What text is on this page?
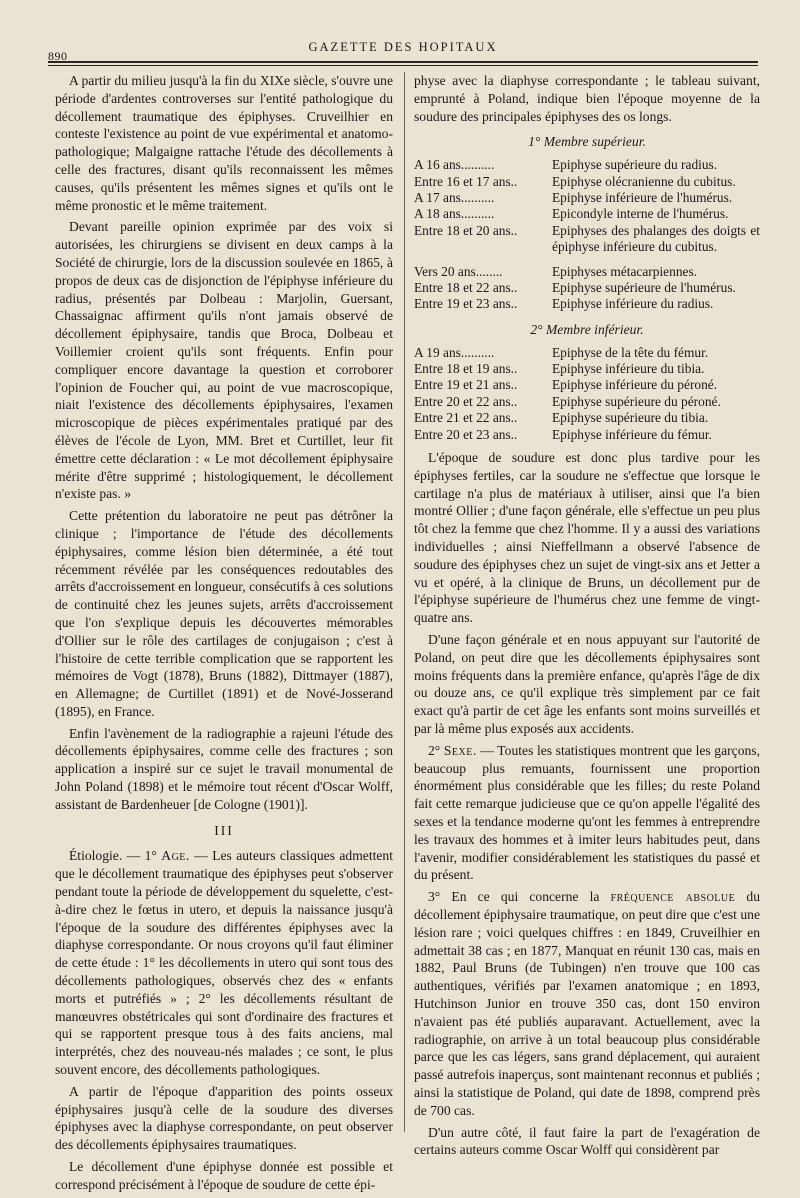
890
GAZETTE DES HOPITAUX

A partir du milieu jusqu'à la fin du XIXe siècle, s'ouvre une période d'ardentes controverses sur l'entité pathologique du décollement traumatique des épiphyses. Cruveilhier en conteste l'existence au point de vue expérimental et anatomo-pathologique; Malgaigne rattache l'étude des décollements à celle des fractures, disant qu'ils reconnaissent les mêmes causes, qu'ils présentent les mêmes signes et qu'ils ont le même pronostic et le même traitement.

Devant pareille opinion exprimée par des voix si autorisées, les chirurgiens se divisent en deux camps à la Société de chirurgie, lors de la discussion soulevée en 1865, à propos de deux cas de disjonction de l'épiphyse inférieure du radius, présentés par Dolbeau : Marjolin, Guersant, Chassaignac affirment qu'ils n'ont jamais observé de décollement épiphysaire, tandis que Broca, Dolbeau et Voillemier croient qu'ils sont fréquents. Enfin pour compliquer encore davantage la question et corroborer l'opinion de Foucher qui, au point de vue macroscopique, niait l'existence des décollements épiphysaires, l'examen microscopique de pièces expérimentales pratiqué par des élèves de l'école de Lyon, MM. Bret et Curtillet, leur fit émettre cette déclaration : « Le mot décollement épiphysaire mérite d'être supprimé ; histologiquement, le décollement n'existe pas. »

Cette prétention du laboratoire ne peut pas détrôner la clinique ; l'importance de l'étude des décollements épiphysaires, comme lésion bien déterminée, a été tout récemment révélée par les conséquences redoutables des arrêts d'accroissement en longueur, consécutifs à ces solutions de continuité chez les jeunes sujets, arrêts d'accroissement que l'on s'explique depuis les découvertes mémorables d'Ollier sur le rôle des cartilages de conjugaison ; c'est à l'histoire de cette terrible complication que se rapportent les mémoires de Vogt (1878), Bruns (1882), Dittmayer (1887), en Allemagne; de Curtillet (1891) et de Nové-Josserand (1895), en France.

Enfin l'avènement de la radiographie a rajeuni l'étude des décollements épiphysaires, comme celle des fractures ; son application a inspiré sur ce sujet le travail monumental de John Poland (1898) et le mémoire tout récent d'Oscar Wolff, assistant de Bardenheuer [de Cologne (1901)].

III

Étiologie. — 1° Age. — Les auteurs classiques admettent que le décollement traumatique des épiphyses peut s'observer pendant toute la période de développement du squelette, c'est-à-dire chez le fœtus in utero, et depuis la naissance jusqu'à l'époque de la soudure des différentes épiphyses avec la diaphyse correspondante. Or nous croyons qu'il faut éliminer de cette étude : 1° les décollements in utero qui sont tous des décollements pathologiques, observés chez des « enfants morts et putréfiés » ; 2° les décollements résultant de manœuvres obstétricales qui sont d'ordinaire des fractures et qui se rapportent presque tous à des faits anciens, mal interprétés, chez des nouveau-nés malades ; ce sont, le plus souvent encore, des décollements pathologiques.

A partir de l'époque d'apparition des points osseux épiphysaires jusqu'à celle de la soudure des diverses épiphyses avec la diaphyse correspondante, on peut observer des décollements épiphysaires traumatiques.

Le décollement d'une épiphyse donnée est possible et correspond précisément à l'époque de soudure de cette épi-

physe avec la diaphyse correspondante ; le tableau suivant, emprunté à Poland, indique bien l'époque moyenne de la soudure des principales épiphyses des os longs.

1° Membre supérieur.
A 16 ans..........	Epiphyse supérieure du radius.
Entre 16 et 17 ans..	Epiphyse olécranienne du cubitus.
A 17 ans..........	Epiphyse inférieure de l'humérus.
A 18 ans..........	Epicondyle interne de l'humérus.
Entre 18 et 20 ans..	Epiphyses des phalanges des doigts et épiphyse inférieure du cubitus.
Vers 20 ans........	Epiphyses métacarpiennes.
Entre 18 et 22 ans..	Epiphyse supérieure de l'humérus.
Entre 19 et 23 ans..	Epiphyse inférieure du radius.
2° Membre inférieur.
A 19 ans..........	Epiphyse de la tête du fémur.
Entre 18 et 19 ans..	Epiphyse inférieure du tibia.
Entre 19 et 21 ans..	Epiphyse inférieure du péroné.
Entre 20 et 22 ans..	Epiphyse supérieure du péroné.
Entre 21 et 22 ans..	Epiphyse supérieure du tibia.
Entre 20 et 23 ans..	Epiphyse inférieure du fémur.

L'époque de soudure est donc plus tardive pour les épiphyses fertiles, car la soudure ne s'effectue que lorsque le cartilage n'a plus de matériaux à utiliser, ainsi que l'a bien montré Ollier ; d'une façon générale, elle s'effectue un peu plus tôt chez la femme que chez l'homme. Il y a aussi des variations individuelles ; ainsi Nieffellmann a observé l'absence de soudure des épiphyses chez un sujet de vingt-six ans et Jetter a vu et opéré, à la clinique de Bruns, un décollement pur de l'épiphyse supérieure de l'humérus chez une femme de vingt-quatre ans.

D'une façon générale et en nous appuyant sur l'autorité de Poland, on peut dire que les décollements épiphysaires sont moins fréquents dans la première enfance, qu'après l'âge de dix ou douze ans, ce qu'il explique très simplement par ce fait exact qu'à partir de cet âge les enfants sont moins surveillés et par là même plus exposés aux accidents.

2° Sexe. — Toutes les statistiques montrent que les garçons, beaucoup plus remuants, fournissent une proportion énormément plus considérable que les filles; du reste Poland fait cette remarque judicieuse que ce qu'on appelle l'égalité des sexes et la tendance moderne qu'ont les femmes à entreprendre les travaux des hommes et à imiter leurs habitudes peut, dans l'avenir, modifier considérablement les statistiques du passé et du présent.

3° En ce qui concerne la fréquence absolue du décollement épiphysaire traumatique, on peut dire que c'est une lésion rare ; voici quelques chiffres : en 1849, Cruveilhier en admettait 38 cas ; en 1877, Manquat en réunit 130 cas, mais en 1882, Paul Bruns (de Tubingen) n'en trouve que 100 cas authentiques, vérifiés par l'examen anatomique ; en 1893, Hutchinson Junior en trouve 350 cas, dont 150 environ n'avaient pas été publiés auparavant. Actuellement, avec la radiographie, on arrive à un total beaucoup plus considérable parce que les cas légers, sans grand déplacement, qui auraient passé autrefois inaperçus, sont maintenant reconnus et publiés ; ainsi la statistique de Poland, qui date de 1898, comprend près de 700 cas.

D'un autre côté, il faut faire la part de l'exagération de certains auteurs comme Oscar Wolff qui considèrent par
